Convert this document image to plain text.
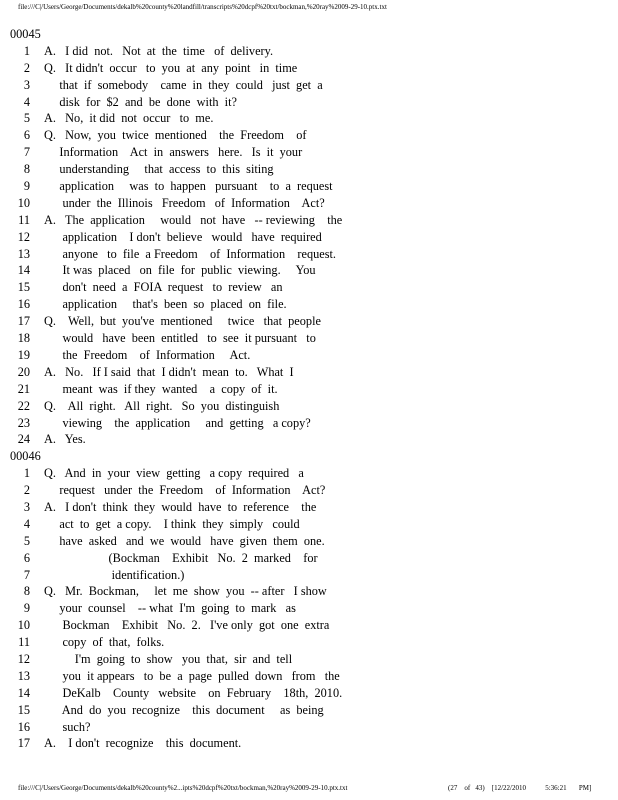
file:///C|/Users/George/Documents/dekalb%20county%20landfill/transcripts%20dcpf%20txt/bockman,%20ray%2009-29-10.ptx.txt
00045
1 A.   I did  not.   Not  at  the  time   of  delivery.
2 Q.   It didn't  occur   to  you  at  any  point   in  time
3     that  if  somebody    came  in  they  could   just  get  a
4     disk  for  $2  and  be  done  with  it?
5 A.   No,  it did  not  occur   to  me.
6 Q.   Now,  you  twice  mentioned    the  Freedom    of
7     Information    Act  in  answers   here.   Is  it  your
8     understanding     that  access  to  this  siting
9     application     was  to  happen   pursuant    to  a  request
10      under  the  Illinois   Freedom   of  Information    Act?
11 A.   The  application     would   not  have   -- reviewing    the
12      application    I don't  believe   would   have  required
13      anyone   to  file  a Freedom    of  Information    request.
14      It was  placed   on  file  for  public  viewing.     You
15      don't  need  a  FOIA  request   to  review   an
16      application     that's  been  so  placed  on  file.
17 Q.    Well,  but  you've  mentioned     twice   that  people
18      would   have  been  entitled   to  see  it pursuant   to
19      the  Freedom    of  Information     Act.
20 A.   No.   If I said  that  I didn't  mean  to.   What  I
21      meant  was  if they  wanted    a  copy  of  it.
22 Q.    All  right.   All  right.   So  you  distinguish
23      viewing    the  application     and  getting   a copy?
24 A.   Yes.
00046
1 Q.   And  in  your  view  getting   a copy  required   a
2     request   under  the  Freedom    of  Information    Act?
3 A.   I don't  think  they  would  have  to  reference    the
4     act  to  get  a copy.    I think  they  simply   could
5     have  asked   and  we  would   have  given  them  one.
6                     (Bockman    Exhibit   No.  2  marked    for
7                      identification.)
8 Q.   Mr.  Bockman,     let  me  show  you  -- after   I show
9     your  counsel    -- what  I'm  going  to  mark   as
10      Bockman    Exhibit   No.  2.   I've only  got  one  extra
11      copy  of  that,  folks.
12          I'm  going  to  show   you  that,  sir  and  tell
13      you  it appears   to  be  a  page  pulled  down   from   the
14      DeKalb    County   website    on  February    18th,  2010.
15      And  do  you  recognize    this  document     as  being
16      such?
17 A.    I don't  recognize    this  document.
file:///C|/Users/George/Documents/dekalb%20county%2...ipts%20dcpf%20txt/bockman,%20ray%2009-29-10.ptx.txt	(27    of   43)    [12/22/2010           5:36:21       PM]
